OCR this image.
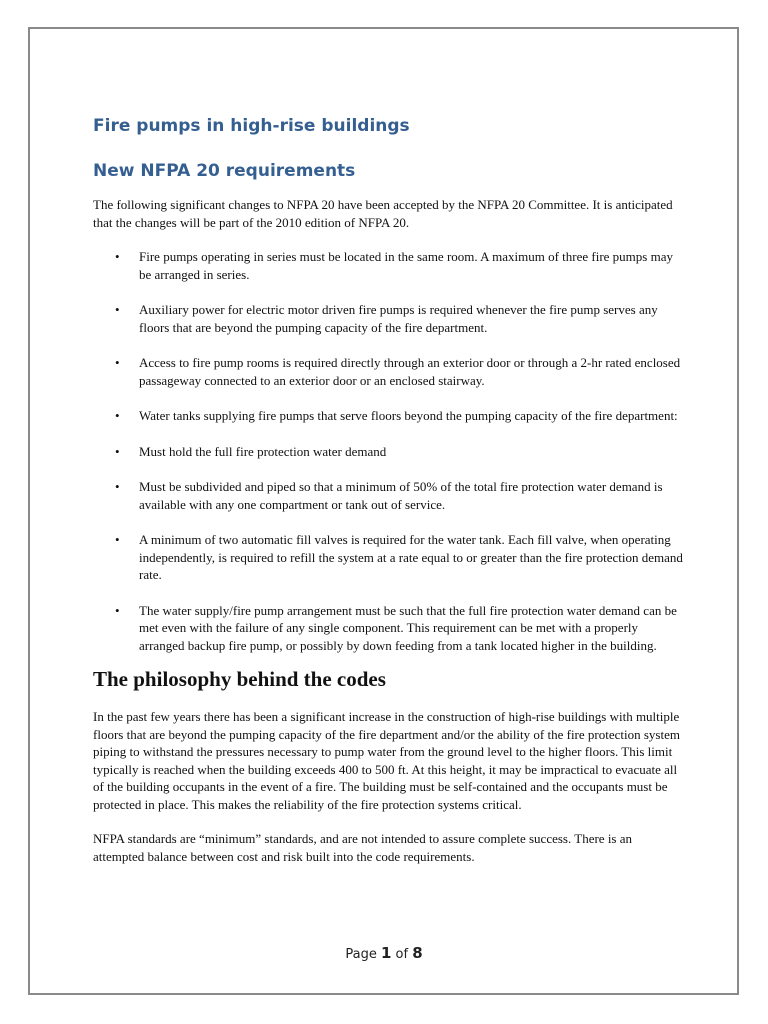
Fire pumps in high-rise buildings
New NFPA 20 requirements

The following significant changes to NFPA 20 have been accepted by the NFPA 20 Committee. It is anticipated that the changes will be part of the 2010 edition of NFPA 20.

• Fire pumps operating in series must be located in the same room. A maximum of three fire pumps may be arranged in series.
• Auxiliary power for electric motor driven fire pumps is required whenever the fire pump serves any floors that are beyond the pumping capacity of the fire department.
• Access to fire pump rooms is required directly through an exterior door or through a 2-hr rated enclosed passageway connected to an exterior door or an enclosed stairway.
• Water tanks supplying fire pumps that serve floors beyond the pumping capacity of the fire department:
• Must hold the full fire protection water demand
• Must be subdivided and piped so that a minimum of 50% of the total fire protection water demand is available with any one compartment or tank out of service.
• A minimum of two automatic fill valves is required for the water tank. Each fill valve, when operating independently, is required to refill the system at a rate equal to or greater than the fire protection demand rate.
• The water supply/fire pump arrangement must be such that the full fire protection water demand can be met even with the failure of any single component. This requirement can be met with a properly arranged backup fire pump, or possibly by down feeding from a tank located higher in the building.
The philosophy behind the codes

In the past few years there has been a significant increase in the construction of high-rise buildings with multiple floors that are beyond the pumping capacity of the fire department and/or the ability of the fire protection system piping to withstand the pressures necessary to pump water from the ground level to the higher floors. This limit typically is reached when the building exceeds 400 to 500 ft. At this height, it may be impractical to evacuate all of the building occupants in the event of a fire. The building must be self-contained and the occupants must be protected in place. This makes the reliability of the fire protection systems critical.

NFPA standards are “minimum” standards, and are not intended to assure complete success. There is an attempted balance between cost and risk built into the code requirements.

Page 1 of 8
